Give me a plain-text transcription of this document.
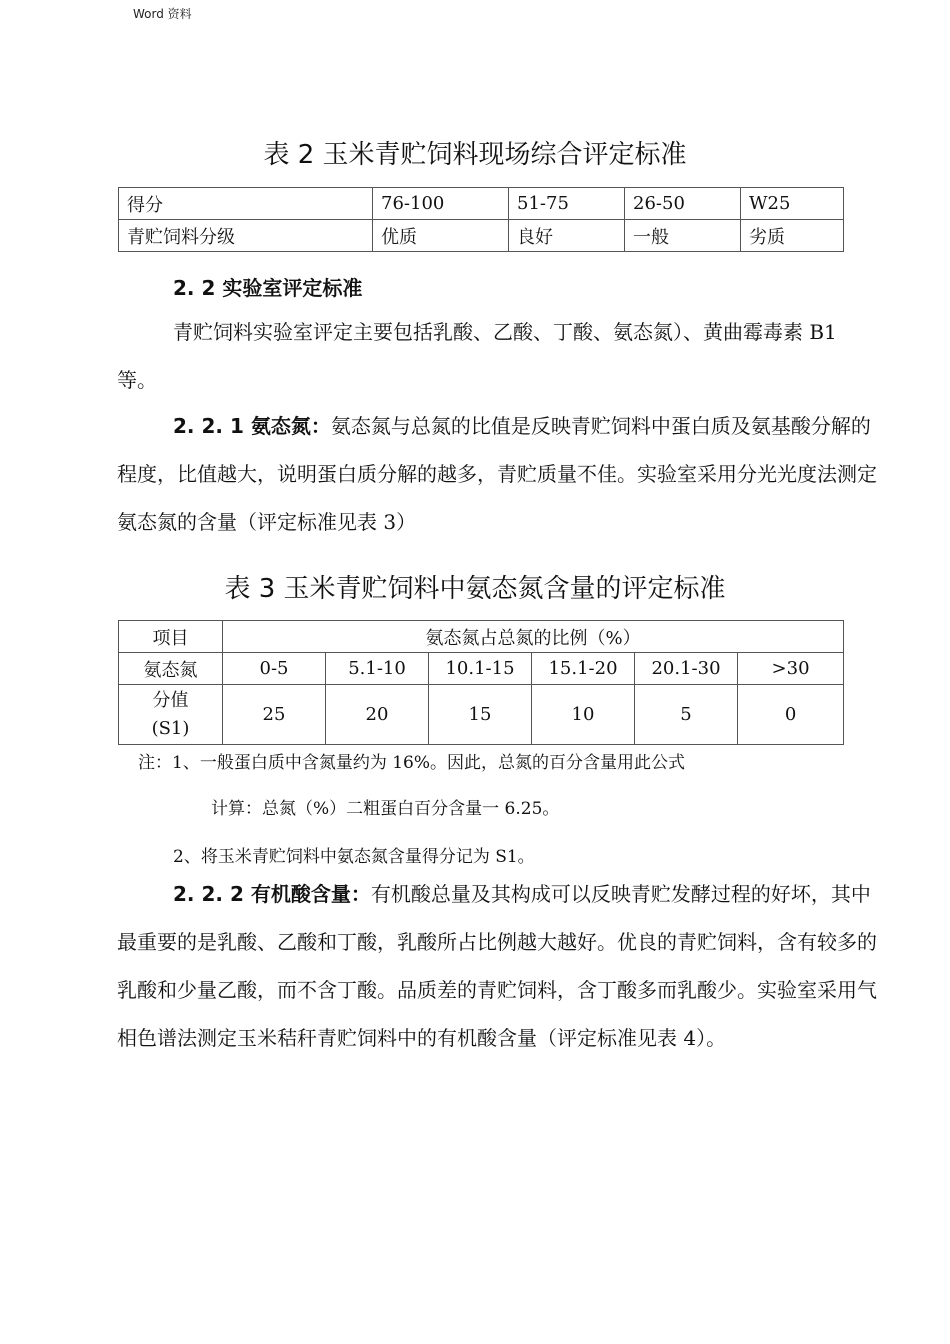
Word 资料
表 2 玉米青贮饲料现场综合评定标准
得分	76-100	51-75	26-50	W25
青贮饲料分级	优质	良好	一般	劣质
2. 2 实验室评定标准

青贮饲料实验室评定主要包括乳酸、乙酸、丁酸、氨态氮）、黄曲霉毒素 B1 等。

2. 2. 1 氨态氮：氨态氮与总氮的比值是反映青贮饲料中蛋白质及氨基酸分解的程度，比值越大，说明蛋白质分解的越多，青贮质量不佳。实验室采用分光光度法测定氨态氮的含量（评定标准见表 3）

表 3 玉米青贮饲料中氨态氮含量的评定标准
项目	氨态氮占总氮的比例（%）					
氨态氮	0-5	5.1-10	10.1-15	15.1-20	20.1-30	>30

分值
(S1)	25	20	15	10	5	0

注：1、一般蛋白质中含氮量约为 16%。因此，总氮的百分含量用此公式

计算：总氮（%）二粗蛋白百分含量一 6.25。

2、将玉米青贮饲料中氨态氮含量得分记为 S1。

2. 2. 2 有机酸含量：有机酸总量及其构成可以反映青贮发酵过程的好坏，其中最重要的是乳酸、乙酸和丁酸，乳酸所占比例越大越好。优良的青贮饲料，含有较多的乳酸和少量乙酸，而不含丁酸。品质差的青贮饲料，含丁酸多而乳酸少。实验室采用气相色谱法测定玉米秸秆青贮饲料中的有机酸含量（评定标准见表 4）。
